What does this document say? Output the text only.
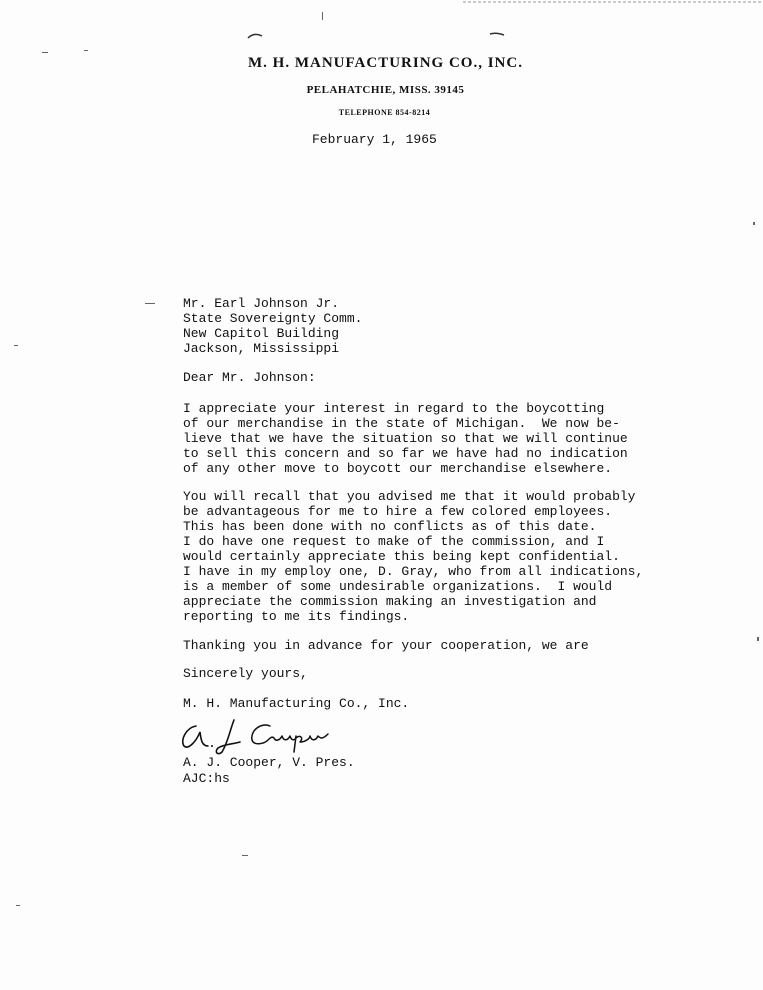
M. H. MANUFACTURING CO., INC.
PELAHATCHIE, MISS. 39145
TELEPHONE 854-8214
February 1, 1965
Mr. Earl Johnson Jr.
State Sovereignty Comm.
New Capitol Building
Jackson, Mississippi
Dear Mr. Johnson:
I appreciate your interest in regard to the boycotting
of our merchandise in the state of Michigan.  We now be-
lieve that we have the situation so that we will continue
to sell this concern and so far we have had no indication
of any other move to boycott our merchandise elsewhere.
You will recall that you advised me that it would probably
be advantageous for me to hire a few colored employees.
This has been done with no conflicts as of this date.
I do have one request to make of the commission, and I
would certainly appreciate this being kept confidential.
I have in my employ one, D. Gray, who from all indications,
is a member of some undesirable organizations.  I would
appreciate the commission making an investigation and
reporting to me its findings.
Thanking you in advance for your cooperation, we are
Sincerely yours,
M. H. Manufacturing Co., Inc.
A. J. Cooper, V. Pres.
AJC:hs
